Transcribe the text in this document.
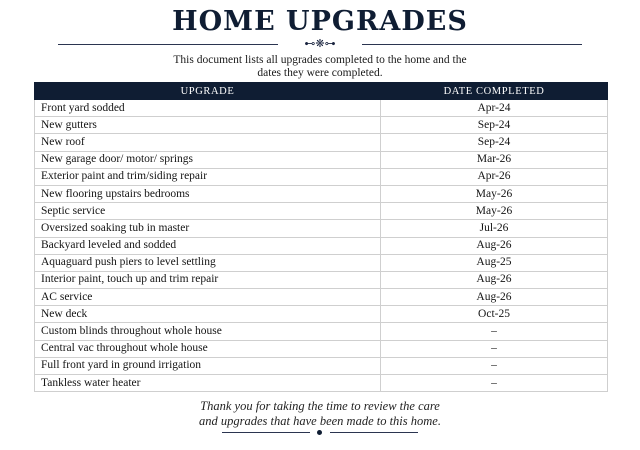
HOME UPGRADES
⊷❋⊶
This document lists all upgrades completed to the home and the
dates they were completed.
UPGRADE	DATE COMPLETED
Front yard sodded	Apr-24
New gutters	Sep-24
New roof	Sep-24
New garage door/ motor/ springs	Mar-26
Exterior paint and trim/siding repair	Apr-26
New flooring upstairs bedrooms	May-26
Septic service	May-26
Oversized soaking tub in master	Jul-26
Backyard leveled and sodded	Aug-26
Aquaguard push piers to level settling	Aug-25
Interior paint, touch up and trim repair	Aug-26
AC service	Aug-26
New deck	Oct-25
Custom blinds throughout whole house	–
Central vac throughout whole house	–
Full front yard in ground irrigation	–
Tankless water heater	–
Thank you for taking the time to review the care
and upgrades that have been made to this home.
